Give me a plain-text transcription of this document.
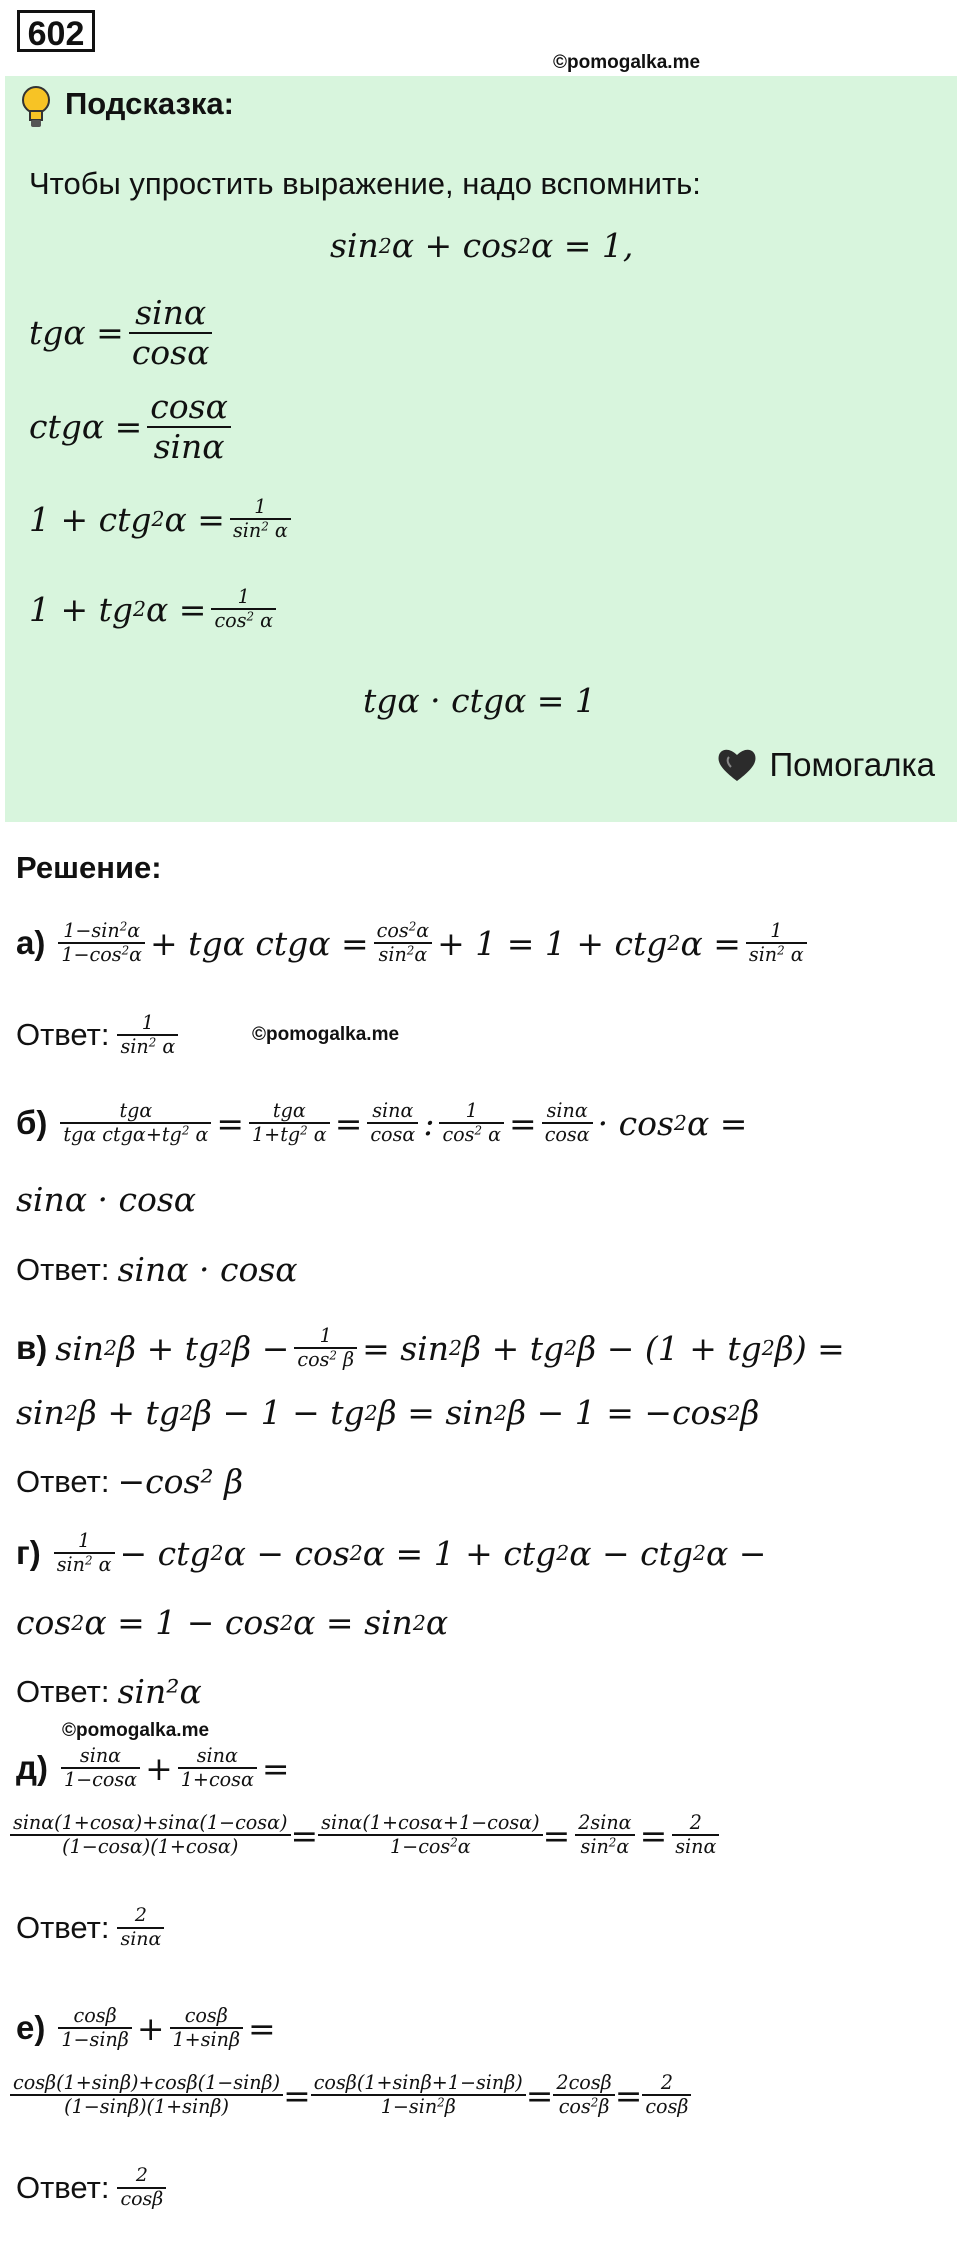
602
©pomogalka.me
Подсказка:
Чтобы упростить выражение, надо вспомнить:
sin 2 α + cos 2 α = 1,
$tg\alpha = \frac{\sin\alpha}{\cos\alpha}$
$ctg\alpha = \frac{\cos\alpha}{\sin\alpha}$
1 + ctg 2 $\alpha = \frac{1}{\sin^2 \alpha}$
1 + tg 2 $\alpha = \frac{1}{\cos^2 \alpha}$
tgα · ctgα = 1
Помогалка
Решение:
$а) \frac{1-\sin^2\alpha}{1-\cos^2\alpha} + tg\alpha$ $ctg\alpha = \frac{\cos^2\alpha}{\sin^2\alpha} + 1 = 1$ + ctg 2 $\alpha = \frac{1}{\sin^2 \alpha}$
Ответ: $\frac{1}{\sin^2 \alpha}$	©pomogalka.me
$б) \frac{\text{tgα}}{tg\alpha ctg\alpha+tg^2 \alpha} = \frac{\text{tgα}}{1+tg^2 \alpha} = \frac{\sin\alpha}{\cos\alpha}$ : $\frac{1}{\cos^2 \alpha} = \frac{\sin\alpha}{\cos\alpha} \cdot \cos 2$ α =
sinα · cosα
Ответ: sinα · cosα
в) sin 2 β + tg 2 $\beta - \frac{1}{\cos^2 \beta} = \sin 2$ β + tg 2 β − (1 + tg 2 β) =
sin 2 β + tg 2 β − 1 − tg 2 β = sin 2 β − 1 = −cos 2 β
Ответ: −cos² β
$г) \frac{1}{\sin^2 \alpha}$ − ctg 2 α − cos 2 α = 1 + ctg 2 α − ctg 2 α −
cos 2 α = 1 − cos 2 α = sin 2 α
Ответ: sin²α
©pomogalka.me
$д) \frac{\sin\alpha}{1-\cos\alpha} + \frac{\sin\alpha}{1+\cos\alpha}$ =
$\frac{\sin\alpha(1+\cos\alpha)+\sin\alpha(1-\cos\alpha)}{(1-\cos\alpha)(1+\cos\alpha)} = \frac{\sin\alpha(1+\cos\alpha+1-\cos\alpha)}{1-\cos^2\alpha} = \frac{2\sin\alpha}{\sin^2\alpha} = \frac{2}{\sin\alpha}$
Ответ: $\frac{2}{\sin\alpha}$
$е) \frac{\cos\beta}{1-\sin\beta} + \frac{\cos\beta}{1+\sin\beta}$ =
$\frac{\cos\beta(1+\sin\beta)+\cos\beta(1-\sin\beta)}{(1-\sin\beta)(1+\sin\beta)} = \frac{\cos\beta(1+\sin\beta+1-\sin\beta)}{1-\sin^2\beta} = \frac{2\cos\beta}{\cos^2\beta} = \frac{2}{\cos\beta}$
Ответ: $\frac{2}{\cos\beta}$
